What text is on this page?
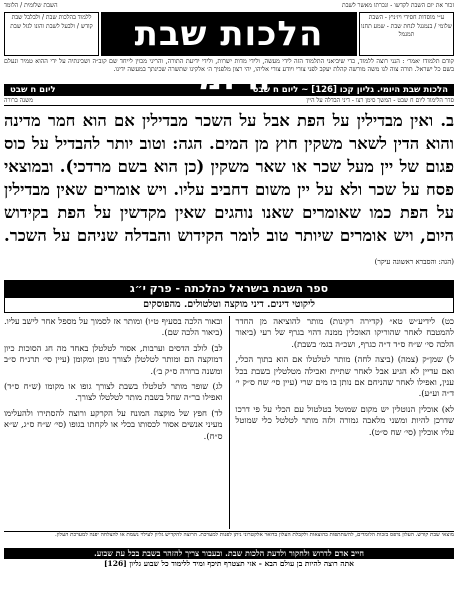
זכור את יום השבת לקדשו - ונכרתו מאשר לשבת
השבת שלומית / הלומד
ע״י מוסדות חסידי ויז׳ניץ - השבת שלומי / בנמנגל לנחת שבת - שמע תחנו תמנמל
הלכות שבת היומי
ללמוד בהלכות שבת / ולבלבל שבת קודש / ולבעל לשבת והונו לגזל שבת
קודם תלמודו ׳אמר׳ : הנני רוצה ללמוד, כדי שיביאני התלמוד הזה לידי מעשה, ולידי מדות ישרות, ולידי ידיעת התורה, והריני מכוין לייחד שם קוב״ה ושכינתיה על ידי ההוא טמיר ונעלם בשם כל ישראל. תורה צוה לנו משה מורשה קהלת יעקב לפני צורי ויודע צורי אליהו, יהי רצון מלפניך ה׳ אלקינו שתשרה שכינתך במעשה ידינו.
הלכות שבת היומי. גליון קכו [126] ~ ליום ח שבט
ליום ח שבט
סדר הלימוד ליום ח שבט - המשך סימן רצו - דיני הבדלה על היין
משנה ברורה
ב. ואין מבדילין על הפת אבל על השכר מבדילין אם הוא חמר מדינה והוא הדין לשאר משקין חוץ מן המים. הגה: וטוב יותר להבדיל על כוס פגום של יין מעל שכר או שאר משקין (כן הוא בשם מרדכי). ובמוצאי פסח על שכר ולא על יין משום דחביב עליו. ויש אומרים שאין מבדילין על הפת כמו שאומרים שאנו נוהגים שאין מקדשין על הפת בקידוש היום, ויש אומרים שיותר טוב לומר הקידוש והבדלה שניהם על השכר. (הגה: והסברא ראשונה עיקר)
ספר השבת בישראל כהלכתה - פרק י״ג
ליקוטי דינים. דיני מוקצה וטלטולים. מהפוסקים

כט) לידיע״ש טא״ (קדירה רקינות) מותר להוציאה מן החדר להמטבח לאחר שהוריקו האוכלין ממנה דהוי בגרף של רעי (ביאור הלכה סי׳ ש״ח ס״ד ד״ה כגרף, ושכ״ה בגמ׳ בשבת).

ל) שמן״ק (צמה) (ביצה לחה) מותר לטלטלו אם הוא בתוך הכלי, ואם עדיין לא הגיע אבל לאחר שתיית ואכילה מטלטלין בשבת בכל ענין, ואפילו לאחר שהניחם אם נותן בו מים שרי (עיין סי׳ שח ס״ק י׳ ד״ה וע״ע).

לא) אוכלין הנוטלין יש מקום שמוטל בטלטול עם הכלי על פי דרכו שדרכן להיות ומשני מלאכה גמורה ולזה מותר לטלטל כלי שמוטל עליו אוכלין (סי׳ שח ס״ט).

ובאור הלכה בסעיף ט״ו) ומותר אז לסמוך על מספל אחר לישב עליו. (ביאור הלכה שם).

לב) לולב הדסים וערבות, אסור לטלטלן באחד מה חג הסוכות כיון דמוקצה הם ומותר לטלטלן לצורך גופן ומקומן (עיין סי׳ תרנ״ח ס״ב ומשנה ברורה ס״ק ב׳).

לג) שופר מותר לטלטלו בשבת לצורך גופו או מקומו (ש״ח ס״ד) ואפילו בר״ה שחל בשבת מותר לטלטלו לצורך.

לד) חפץ של מוקצה המונח על הקרקע ורוצה להסתירו ולהעלימו מעיני אנשים אסור לכסותו בכלי או לקחתו בגופו (סי׳ ש״ח ס״ג, ש״א ס״ח).

מוצאי שבת קודש. העלון נדפס בזכות הלומדים, להשתתפות בהוצאות ולקבלת העלון בדואר אלקטרוני ניתן לפנות למערכת. הרוצה להקדיש גליון לעילוי נשמת או להצלחה יפנה למערכת העלון.
חייב אדם לדרוש ולחקור ולדעת הלכות שבת. ובעבור צריך להזהר בשבת בכל עת שבוע.
אתה רוצה להיות בן עולם הבא - אזי תצטרף תיכף ומיד ללימוד כל שבוע גליון [126]
